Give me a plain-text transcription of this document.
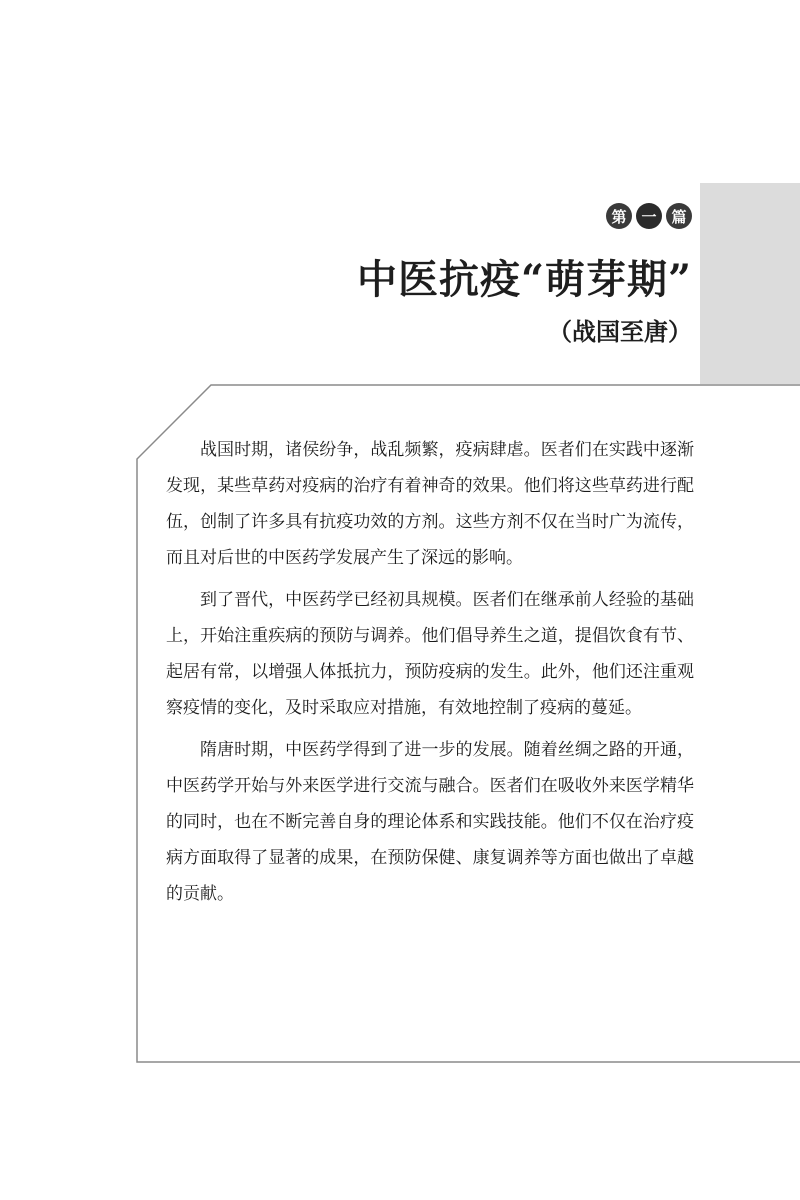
第 一 篇
中医抗疫“萌芽期”
（战国至唐）

战国时期，诸侯纷争，战乱频繁，疫病肆虐。医者们在实践中逐渐发现，某些草药对疫病的治疗有着神奇的效果。他们将这些草药进行配伍，创制了许多具有抗疫功效的方剂。这些方剂不仅在当时广为流传，而且对后世的中医药学发展产生了深远的影响。

到了晋代，中医药学已经初具规模。医者们在继承前人经验的基础上，开始注重疾病的预防与调养。他们倡导养生之道，提倡饮食有节、起居有常，以增强人体抵抗力，预防疫病的发生。此外，他们还注重观察疫情的变化，及时采取应对措施，有效地控制了疫病的蔓延。

隋唐时期，中医药学得到了进一步的发展。随着丝绸之路的开通，中医药学开始与外来医学进行交流与融合。医者们在吸收外来医学精华的同时，也在不断完善自身的理论体系和实践技能。他们不仅在治疗疫病方面取得了显著的成果，在预防保健、康复调养等方面也做出了卓越的贡献。
